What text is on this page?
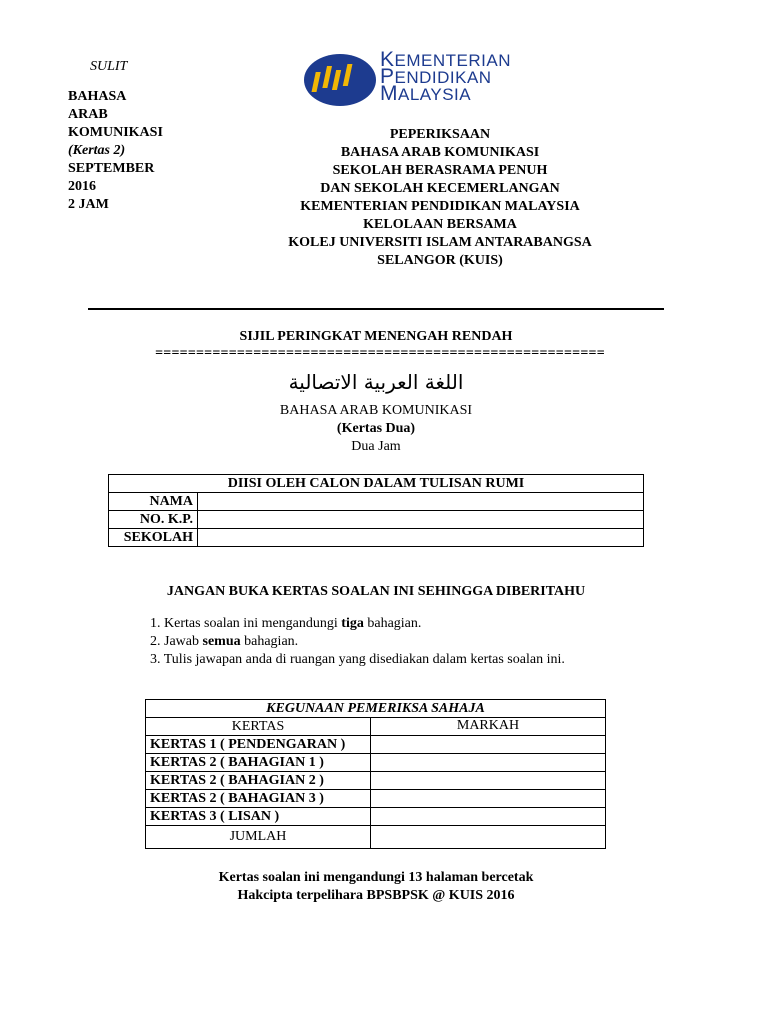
SULIT
BAHASA
ARAB
KOMUNIKASI
(Kertas 2)
SEPTEMBER
2016
2 JAM
KEMENTERIAN
PENDIDIKAN
MALAYSIA
PEPERIKSAAN
BAHASA ARAB KOMUNIKASI
SEKOLAH BERASRAMA PENUH
DAN SEKOLAH KECEMERLANGAN
KEMENTERIAN PENDIDIKAN MALAYSIA
KELOLAAN BERSAMA
KOLEJ UNIVERSITI ISLAM ANTARABANGSA
SELANGOR (KUIS)
SIJIL PERINGKAT MENENGAH RENDAH
=======================================================
اللغة العربية الاتصالية
BAHASA ARAB KOMUNIKASI
(Kertas Dua)
Dua Jam
DIISI OLEH CALON DALAM TULISAN RUMI	
NAMA	
NO. K.P.	
SEKOLAH	
JANGAN BUKA KERTAS SOALAN INI SEHINGGA DIBERITAHU
1. Kertas soalan ini mengandungi tiga bahagian.
2. Jawab semua bahagian.
3. Tulis jawapan anda di ruangan yang disediakan dalam kertas soalan ini.
KEGUNAAN PEMERIKSA SAHAJA	
KERTAS	MARKAH
KERTAS 1 ( PENDENGARAN )	
KERTAS 2 ( BAHAGIAN 1 )	
KERTAS 2 ( BAHAGIAN 2 )	
KERTAS 2 ( BAHAGIAN 3 )	
KERTAS 3 ( LISAN )	
JUMLAH	
Kertas soalan ini mengandungi 13 halaman bercetak
Hakcipta terpelihara BPSBPSK @ KUIS 2016
